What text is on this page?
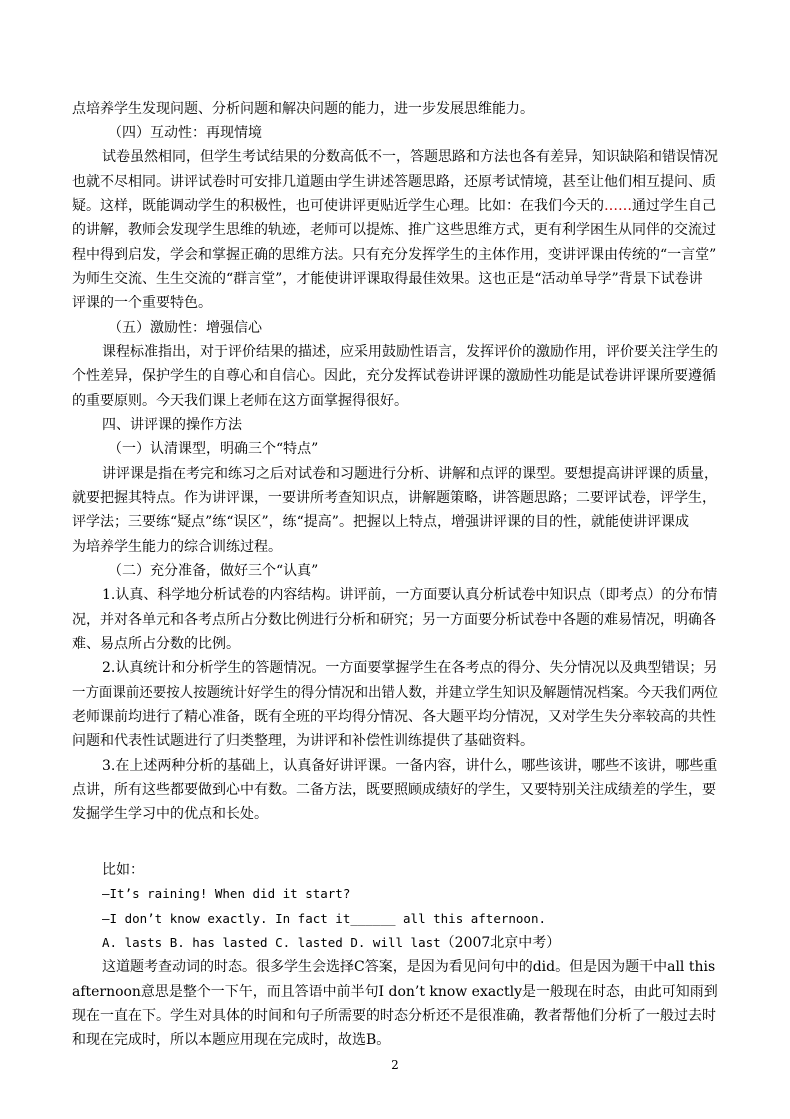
点培养学生发现问题、分析问题和解决问题的能力，进一步发展思维能力。
（四）互动性：再现情境
试卷虽然相同，但学生考试结果的分数高低不一，答题思路和方法也各有差异，知识缺陷和错误情况
也就不尽相同。讲评试卷时可安排几道题由学生讲述答题思路，还原考试情境，甚至让他们相互提问、质
疑。这样，既能调动学生的积极性，也可使讲评更贴近学生心理。比如：在我们今天的……通过学生自己
的讲解，教师会发现学生思维的轨迹，老师可以提炼、推广这些思维方式，更有利学困生从同伴的交流过
程中得到启发，学会和掌握正确的思维方法。只有充分发挥学生的主体作用，变讲评课由传统的“一言堂”
为师生交流、生生交流的“群言堂”，才能使讲评课取得最佳效果。这也正是“活动单导学”背景下试卷讲
评课的一个重要特色。
（五）激励性：增强信心
课程标准指出，对于评价结果的描述，应采用鼓励性语言，发挥评价的激励作用，评价要关注学生的
个性差异，保护学生的自尊心和自信心。因此，充分发挥试卷讲评课的激励性功能是试卷讲评课所要遵循
的重要原则。今天我们课上老师在这方面掌握得很好。
四、讲评课的操作方法
（一）认清课型，明确三个“特点”
讲评课是指在考完和练习之后对试卷和习题进行分析、讲解和点评的课型。要想提高讲评课的质量，
就要把握其特点。作为讲评课，一要讲所考查知识点，讲解题策略，讲答题思路；二要评试卷，评学生，
评学法；三要练“疑点”练“误区”，练“提高”。把握以上特点，增强讲评课的目的性，就能使讲评课成
为培养学生能力的综合训练过程。
（二）充分准备，做好三个“认真”
1.认真、科学地分析试卷的内容结构。讲评前，一方面要认真分析试卷中知识点（即考点）的分布情
况，并对各单元和各考点所占分数比例进行分析和研究；另一方面要分析试卷中各题的难易情况，明确各
难、易点所占分数的比例。
2.认真统计和分析学生的答题情况。一方面要掌握学生在各考点的得分、失分情况以及典型错误；另
一方面课前还要按人按题统计好学生的得分情况和出错人数，并建立学生知识及解题情况档案。今天我们两位
老师课前均进行了精心准备，既有全班的平均得分情况、各大题平均分情况，又对学生失分率较高的共性
问题和代表性试题进行了归类整理，为讲评和补偿性训练提供了基础资料。
3.在上述两种分析的基础上，认真备好讲评课。一备内容，讲什么，哪些该讲，哪些不该讲，哪些重
点讲，所有这些都要做到心中有数。二备方法，既要照顾成绩好的学生，又要特别关注成绩差的学生，要
发掘学生学习中的优点和长处。
比如：
—It’s raining! When did it start?
—I don’t know exactly. In fact it______ all this afternoon.
A. lasts B. has lasted C. lasted D. will last（2007北京中考）
这道题考查动词的时态。很多学生会选择C答案，是因为看见问句中的did。但是因为题干中all this
afternoon意思是整个一下午，而且答语中前半句I don’t know exactly是一般现在时态，由此可知雨到
现在一直在下。学生对具体的时间和句子所需要的时态分析还不是很准确，教者帮他们分析了一般过去时
和现在完成时，所以本题应用现在完成时，故选B。
2
